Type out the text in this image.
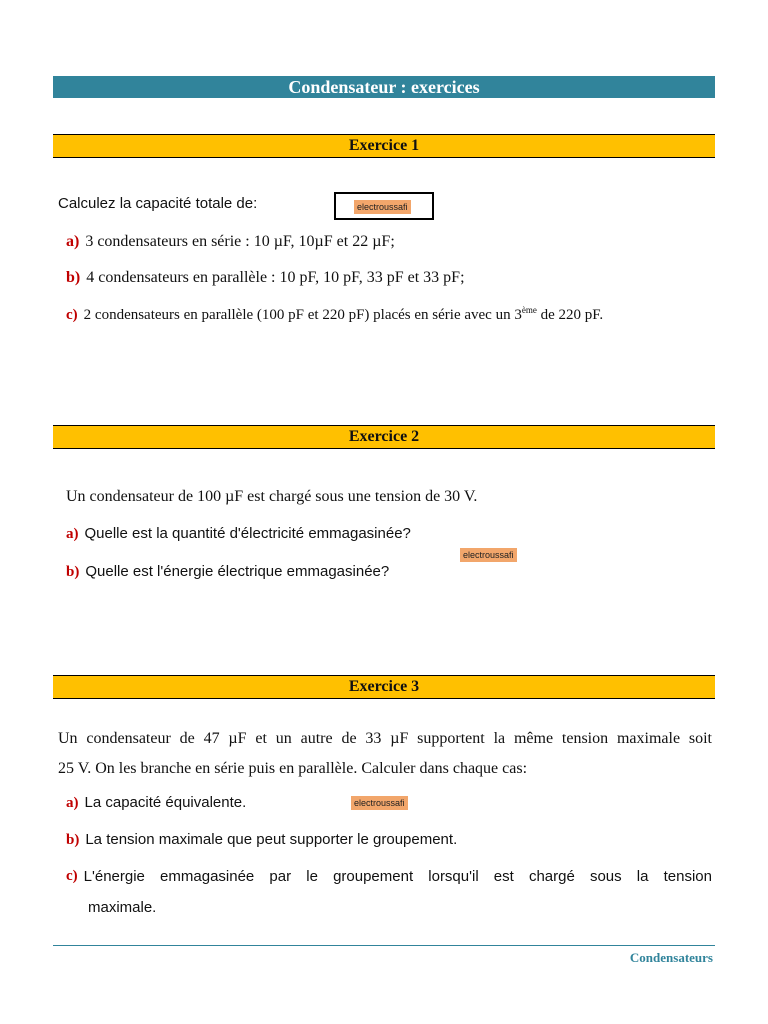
Condensateur : exercices
Exercice 1
Calculez la capacité totale de:	electroussafi
a) 3 condensateurs en série : 10 µF, 10µF et 22 µF;
b) 4 condensateurs en parallèle : 10 pF, 10 pF, 33 pF et 33 pF;
c) 2 condensateurs en parallèle (100 pF et 220 pF) placés en série avec un 3ème de 220 pF.
Exercice 2
Un condensateur de 100 µF est chargé sous une tension de 30 V.
a) Quelle est la quantité d'électricité emmagasinée?
electroussafi
b) Quelle est l'énergie électrique emmagasinée?
Exercice 3
Un condensateur de 47 µF et un autre de 33 µF supportent la même tension maximale soit
25 V. On les branche en série puis en parallèle. Calculer dans chaque cas:
a) La capacité équivalente.	electroussafi
b) La tension maximale que peut supporter le groupement.
c) L'énergie emmagasinée par le groupement lorsqu'il est chargé sous la tension
maximale.
Condensateurs
